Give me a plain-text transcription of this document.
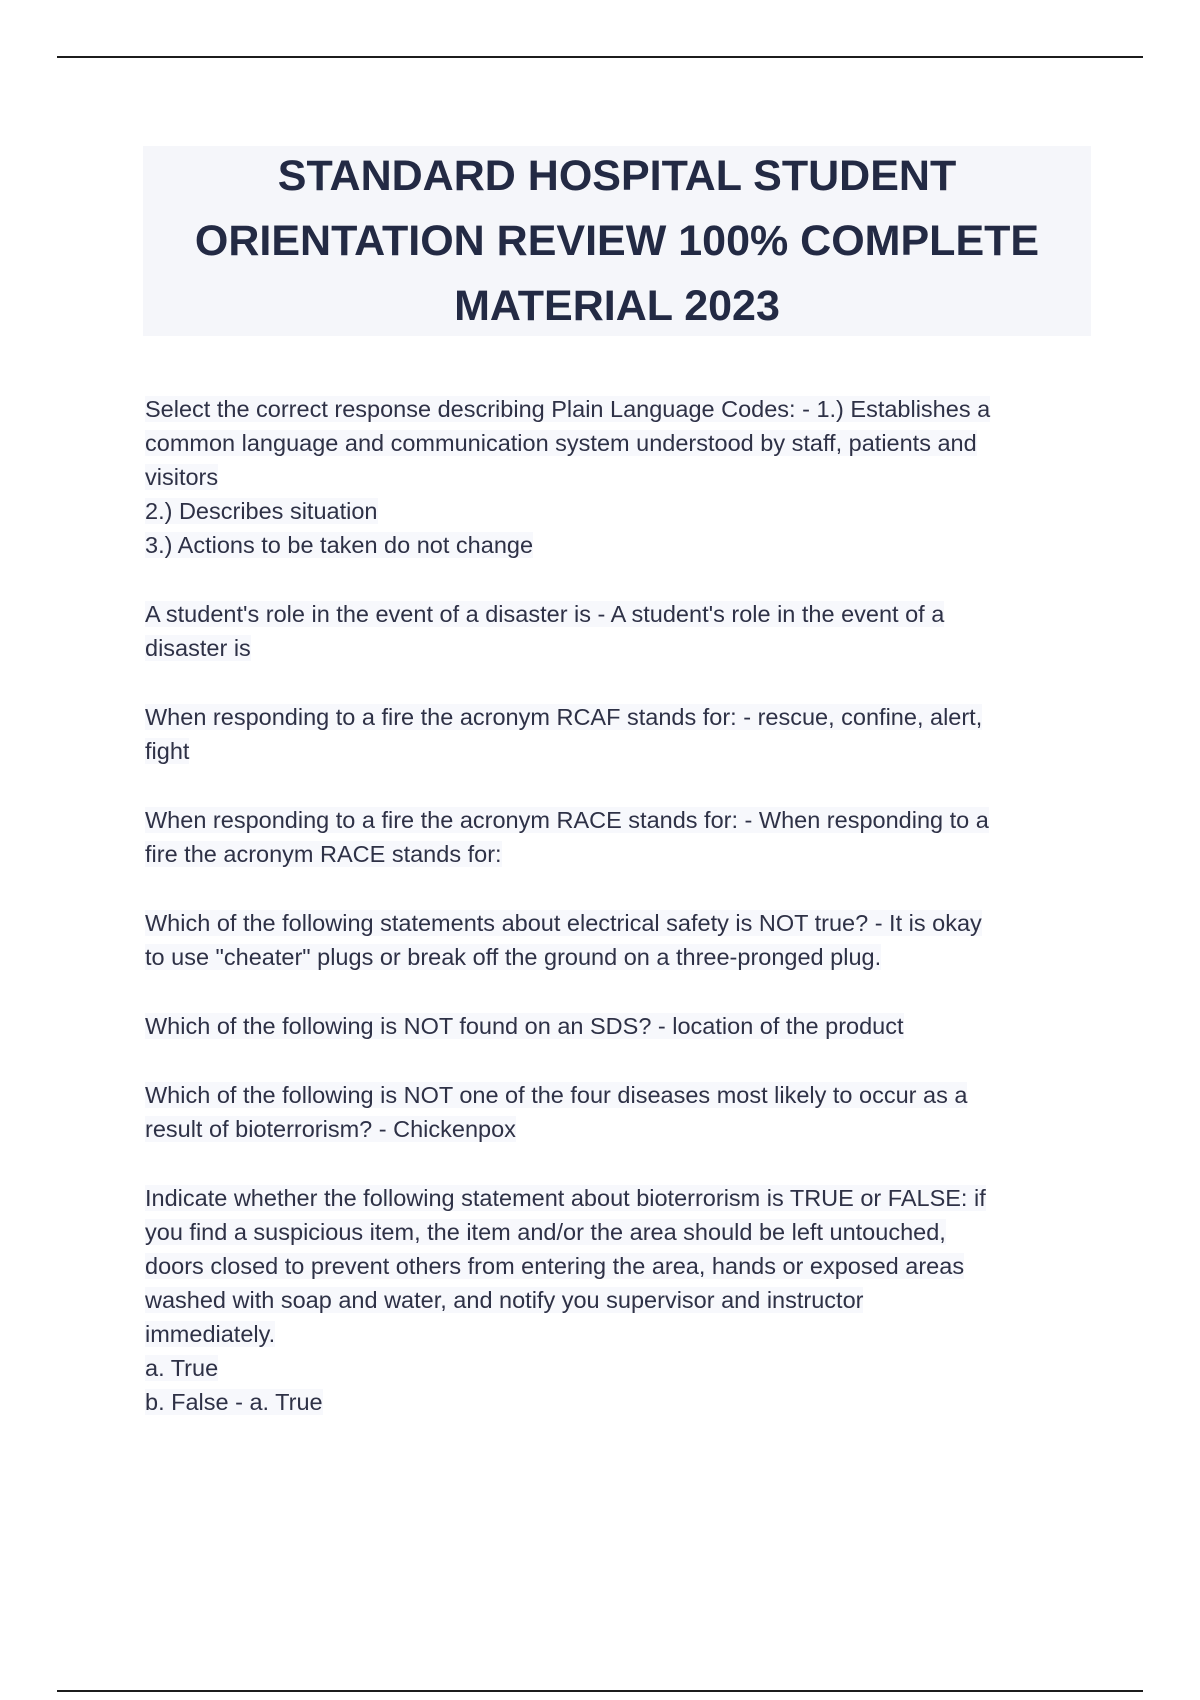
STANDARD HOSPITAL STUDENT
ORIENTATION REVIEW 100% COMPLETE
MATERIAL 2023
Select the correct response describing Plain Language Codes: - 1.) Establishes a
common language and communication system understood by staff, patients and
visitors
2.) Describes situation
3.) Actions to be taken do not change
A student's role in the event of a disaster is - A student's role in the event of a
disaster is
When responding to a fire the acronym RCAF stands for: - rescue, confine, alert,
fight
When responding to a fire the acronym RACE stands for: - When responding to a
fire the acronym RACE stands for:
Which of the following statements about electrical safety is NOT true? - It is okay
to use "cheater" plugs or break off the ground on a three-pronged plug.
Which of the following is NOT found on an SDS? - location of the product
Which of the following is NOT one of the four diseases most likely to occur as a
result of bioterrorism? - Chickenpox
Indicate whether the following statement about bioterrorism is TRUE or FALSE: if
you find a suspicious item, the item and/or the area should be left untouched,
doors closed to prevent others from entering the area, hands or exposed areas
washed with soap and water, and notify you supervisor and instructor
immediately.
a. True
b. False - a. True
